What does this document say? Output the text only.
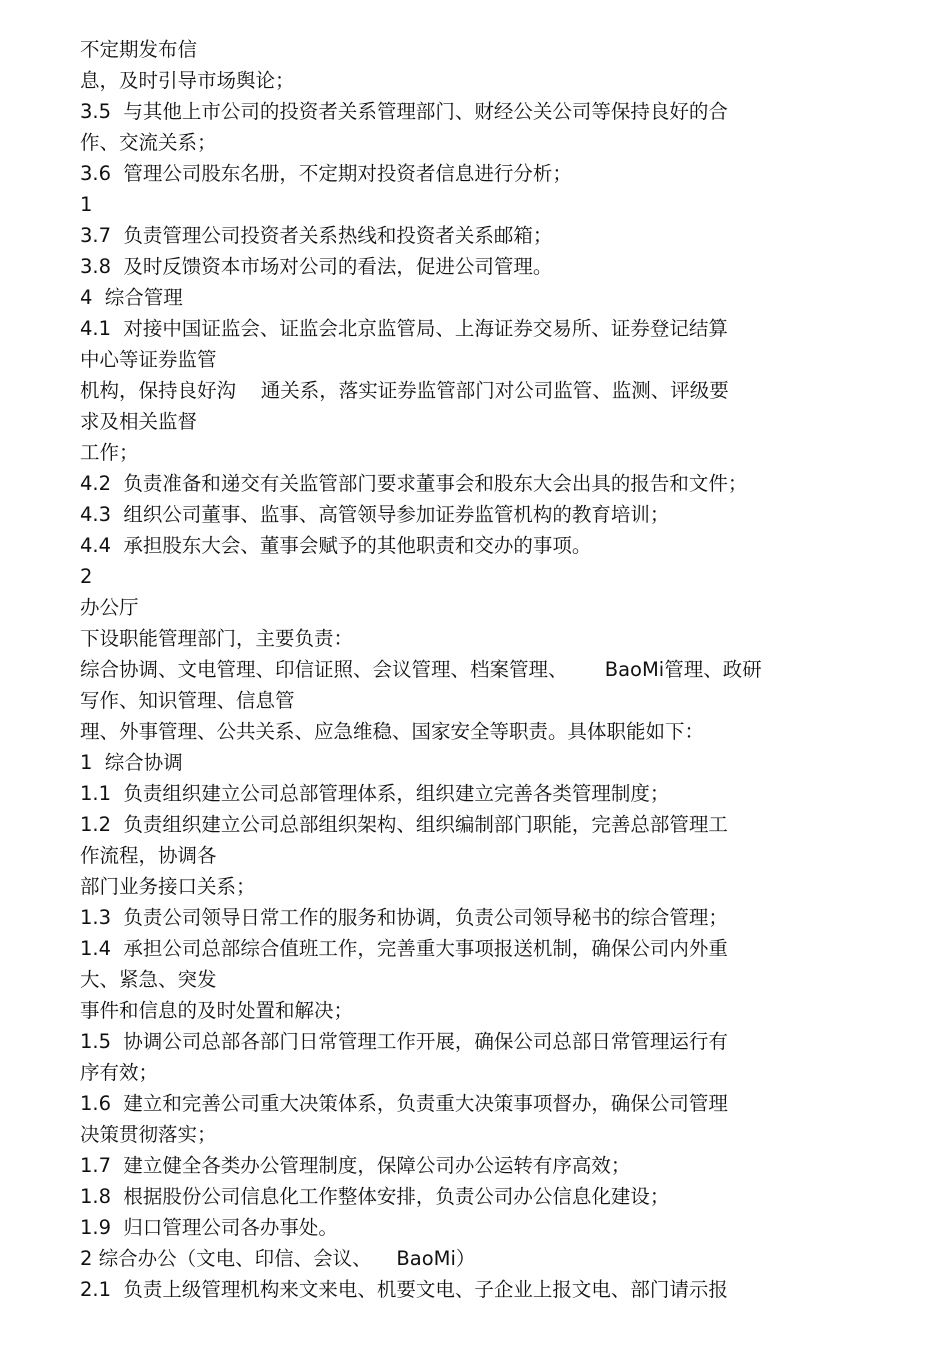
不定期发布信
息，及时引导市场舆论；
3.5  与其他上市公司的投资者关系管理部门、财经公关公司等保持良好的合
作、交流关系；
3.6  管理公司股东名册，不定期对投资者信息进行分析；
1
3.7  负责管理公司投资者关系热线和投资者关系邮箱；
3.8  及时反馈资本市场对公司的看法，促进公司管理。
4  综合管理
4.1  对接中国证监会、证监会北京监管局、上海证券交易所、证券登记结算
中心等证券监管
机构，保持良好沟    通关系，落实证券监管部门对公司监管、监测、评级要
求及相关监督
工作；
4.2  负责准备和递交有关监管部门要求董事会和股东大会出具的报告和文件；
4.3  组织公司董事、监事、高管领导参加证券监管机构的教育培训；
4.4  承担股东大会、董事会赋予的其他职责和交办的事项。
2
办公厅
下设职能管理部门，主要负责：
综合协调、文电管理、印信证照、会议管理、档案管理、      BaoMi管理、政研
写作、知识管理、信息管
理、外事管理、公共关系、应急维稳、国家安全等职责。具体职能如下：
1  综合协调
1.1  负责组织建立公司总部管理体系，组织建立完善各类管理制度；
1.2  负责组织建立公司总部组织架构、组织编制部门职能，完善总部管理工
作流程，协调各
部门业务接口关系；
1.3  负责公司领导日常工作的服务和协调，负责公司领导秘书的综合管理；
1.4  承担公司总部综合值班工作，完善重大事项报送机制，确保公司内外重
大、紧急、突发
事件和信息的及时处置和解决；
1.5  协调公司总部各部门日常管理工作开展，确保公司总部日常管理运行有
序有效；
1.6  建立和完善公司重大决策体系，负责重大决策事项督办，确保公司管理
决策贯彻落实；
1.7  建立健全各类办公管理制度，保障公司办公运转有序高效；
1.8  根据股份公司信息化工作整体安排，负责公司办公信息化建设；
1.9  归口管理公司各办事处。
2 综合办公（文电、印信、会议、    BaoMi）
2.1  负责上级管理机构来文来电、机要文电、子企业上报文电、部门请示报
